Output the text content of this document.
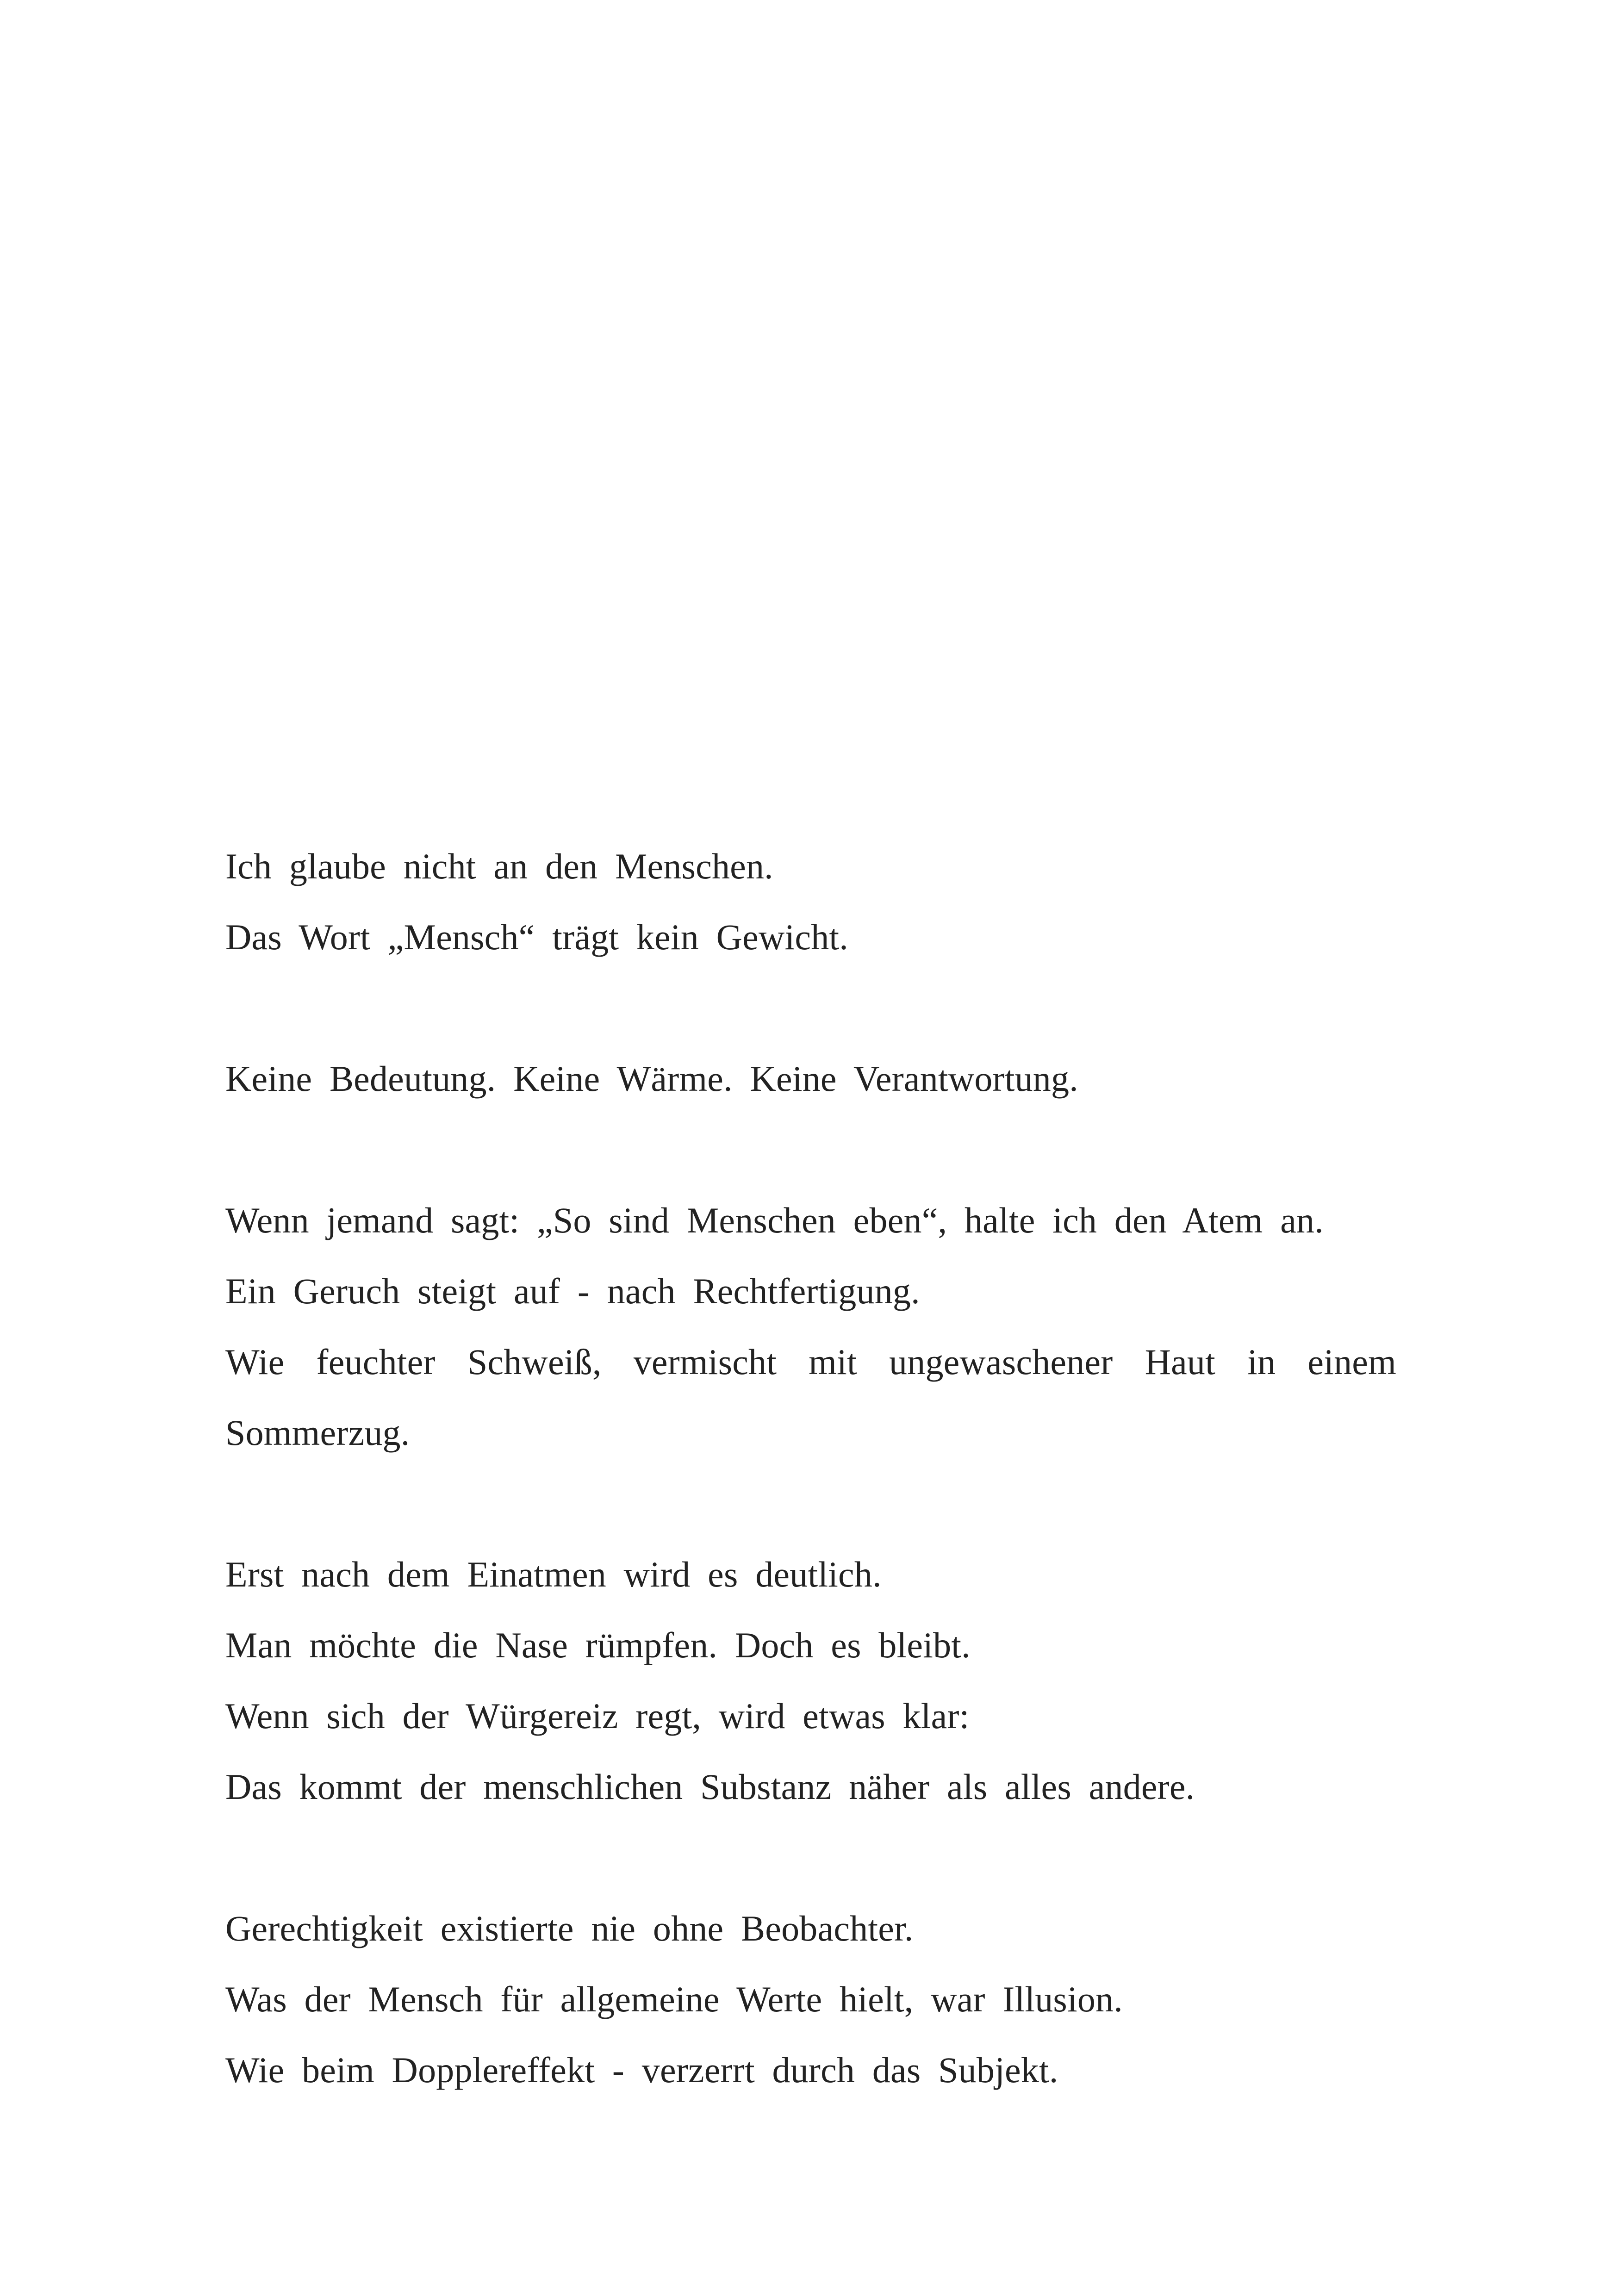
Ich glaube nicht an den Menschen.
Das Wort „Mensch“ trägt kein Gewicht.
Keine Bedeutung. Keine Wärme. Keine Verantwortung.
Wenn jemand sagt: „So sind Menschen eben“, halte ich den Atem an.
Ein Geruch steigt auf - nach Rechtfertigung.
Wie feuchter Schweiß, vermischt mit ungewaschener Haut in einem
Sommerzug.
Erst nach dem Einatmen wird es deutlich.
Man möchte die Nase rümpfen. Doch es bleibt.
Wenn sich der Würgereiz regt, wird etwas klar:
Das kommt der menschlichen Substanz näher als alles andere.
Gerechtigkeit existierte nie ohne Beobachter.
Was der Mensch für allgemeine Werte hielt, war Illusion.
Wie beim Dopplereffekt - verzerrt durch das Subjekt.
